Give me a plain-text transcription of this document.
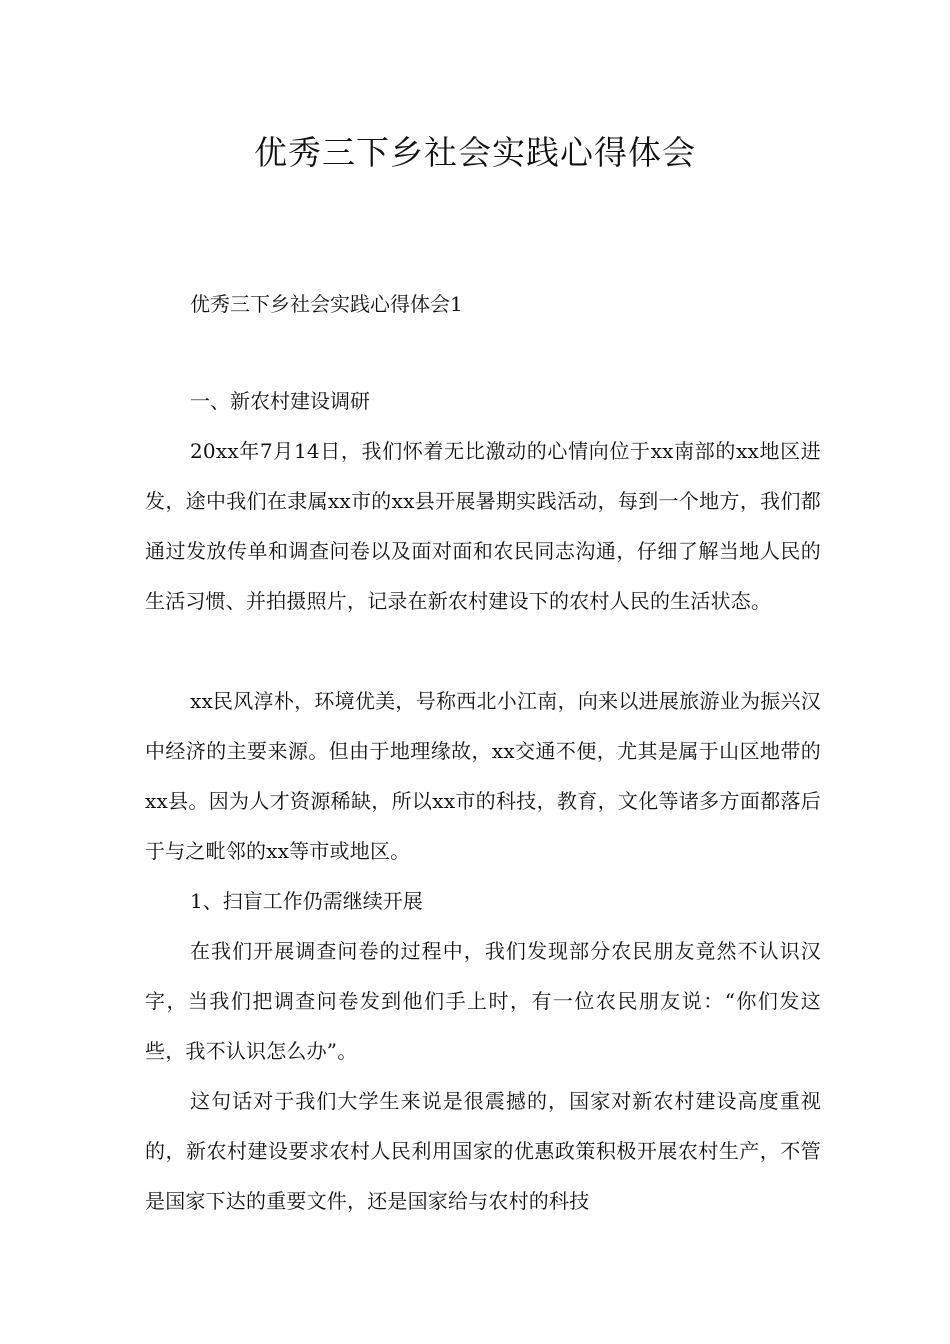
优秀三下乡社会实践心得体会
优秀三下乡社会实践心得体会1
一、新农村建设调研
20xx年7月14日，我们怀着无比激动的心情向位于xx南部的xx地区进发，途中我们在隶属xx市的xx县开展暑期实践活动，每到一个地方，我们都通过发放传单和调查问卷以及面对面和农民同志沟通，仔细了解当地人民的生活习惯、并拍摄照片，记录在新农村建设下的农村人民的生活状态。
xx民风淳朴，环境优美，号称西北小江南，向来以进展旅游业为振兴汉中经济的主要来源。但由于地理缘故，xx交通不便，尤其是属于山区地带的xx县。因为人才资源稀缺，所以xx市的科技，教育，文化等诸多方面都落后于与之毗邻的xx等市或地区。
1、扫盲工作仍需继续开展
在我们开展调查问卷的过程中，我们发现部分农民朋友竟然不认识汉字，当我们把调查问卷发到他们手上时，有一位农民朋友说：“你们发这些，我不认识怎么办”。
这句话对于我们大学生来说是很震撼的，国家对新农村建设高度重视的，新农村建设要求农村人民利用国家的优惠政策积极开展农村生产，不管是国家下达的重要文件，还是国家给与农村的科技
